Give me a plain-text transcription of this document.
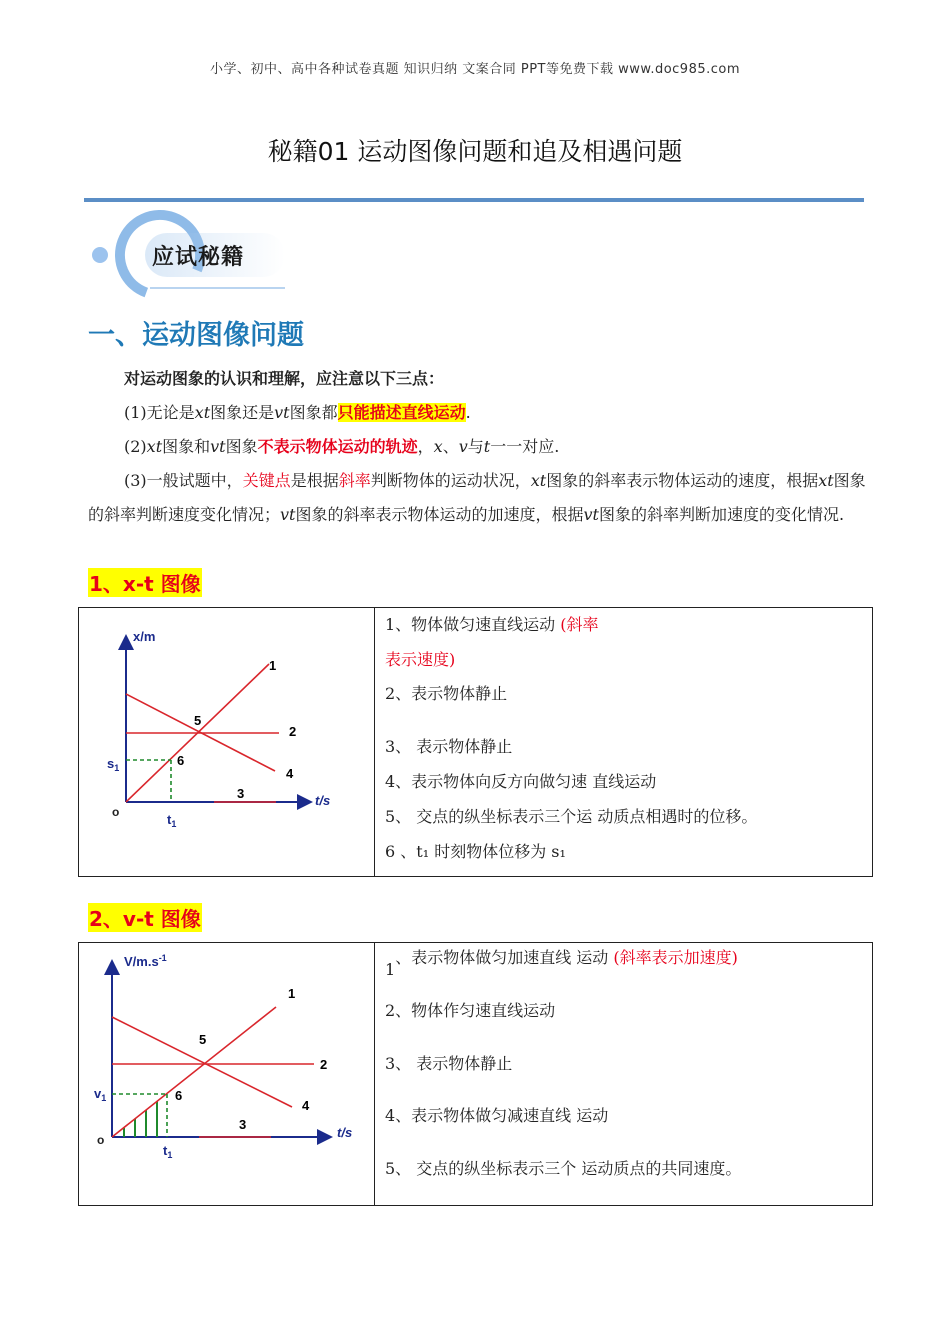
小学、初中、高中各种试卷真题 知识归纳 文案合同 PPT等免费下载 www.doc985.com
秘籍01 运动图像问题和追及相遇问题
应试秘籍
一、运动图像问题
对运动图象的认识和理解，应注意以下三点：
(1)无论是xt图象还是vt图象都只能描述直线运动.
(2)xt图象和vt图象不表示物体运动的轨迹，x、v与t一一对应.
(3)一般试题中，关键点是根据斜率判断物体的运动状况，xt图象的斜率表示物体运动的速度，根据xt图象的斜率判断速度变化情况；vt图象的斜率表示物体运动的加速度，根据vt图象的斜率判断加速度的变化情况.
1、x-t 图像
x/m
t/s
o
1
2
3
4
5
6
$s_1$
$t_1$

1、物体做匀速直线运动 (斜率
表示速度)
2、表示物体静止
3、 表示物体静止
4、表示物体向反方向做匀速 直线运动
5、 交点的纵坐标表示三个运 动质点相遇时的位移。
6 、t₁ 时刻物体位移为 s₁
2、v-t 图像
$V/m.s^{-1}$
t/s
o
1
2
3
4
5
6
$v_1$
$t_1$

1、表示物体做匀加速直线 运动 (斜率表示加速度)
2、物体作匀速直线运动
3、 表示物体静止
4、表示物体做匀减速直线 运动
5、 交点的纵坐标表示三个 运动质点的共同速度。
